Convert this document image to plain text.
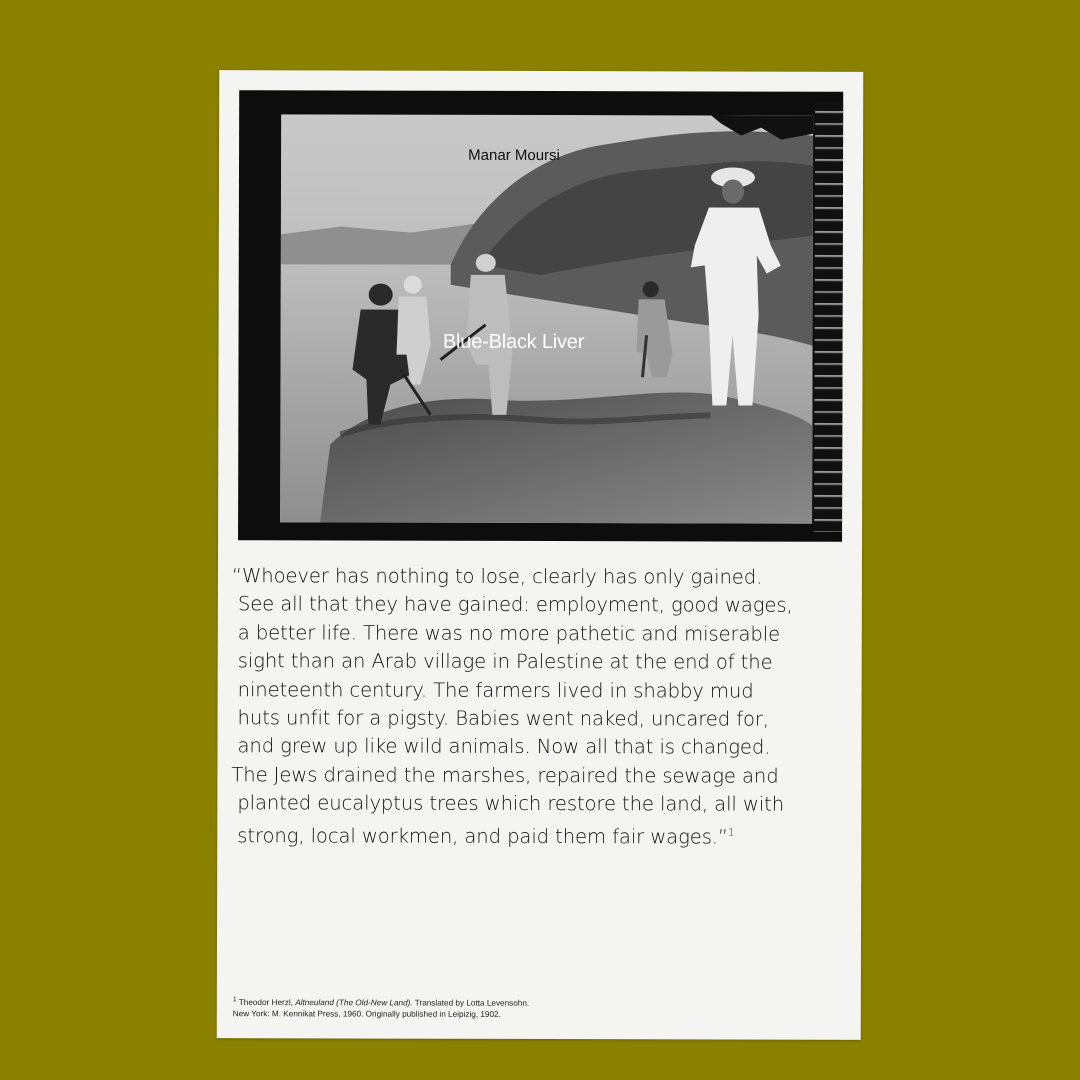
Manar Moursi
Blue-Black Liver

“Whoever has nothing to lose, clearly has only gained.
See all that they have gained: employment, good wages,
a better life. There was no more pathetic and miserable
sight than an Arab village in Palestine at the end of the
nineteenth century. The farmers lived in shabby mud
huts unfit for a pigsty. Babies went naked, uncared for,
and grew up like wild animals. Now all that is changed.
The Jews drained the marshes, repaired the sewage and
planted eucalyptus trees which restore the land, all with
strong, local workmen, and paid them fair wages.”$^1$

$^1$ Theodor Herzl, Altneuland (The Old-New Land). Translated by Lotta Levensohn.
New York: M. Kennikat Press, 1960. Originally published in Leipizig, 1902.
